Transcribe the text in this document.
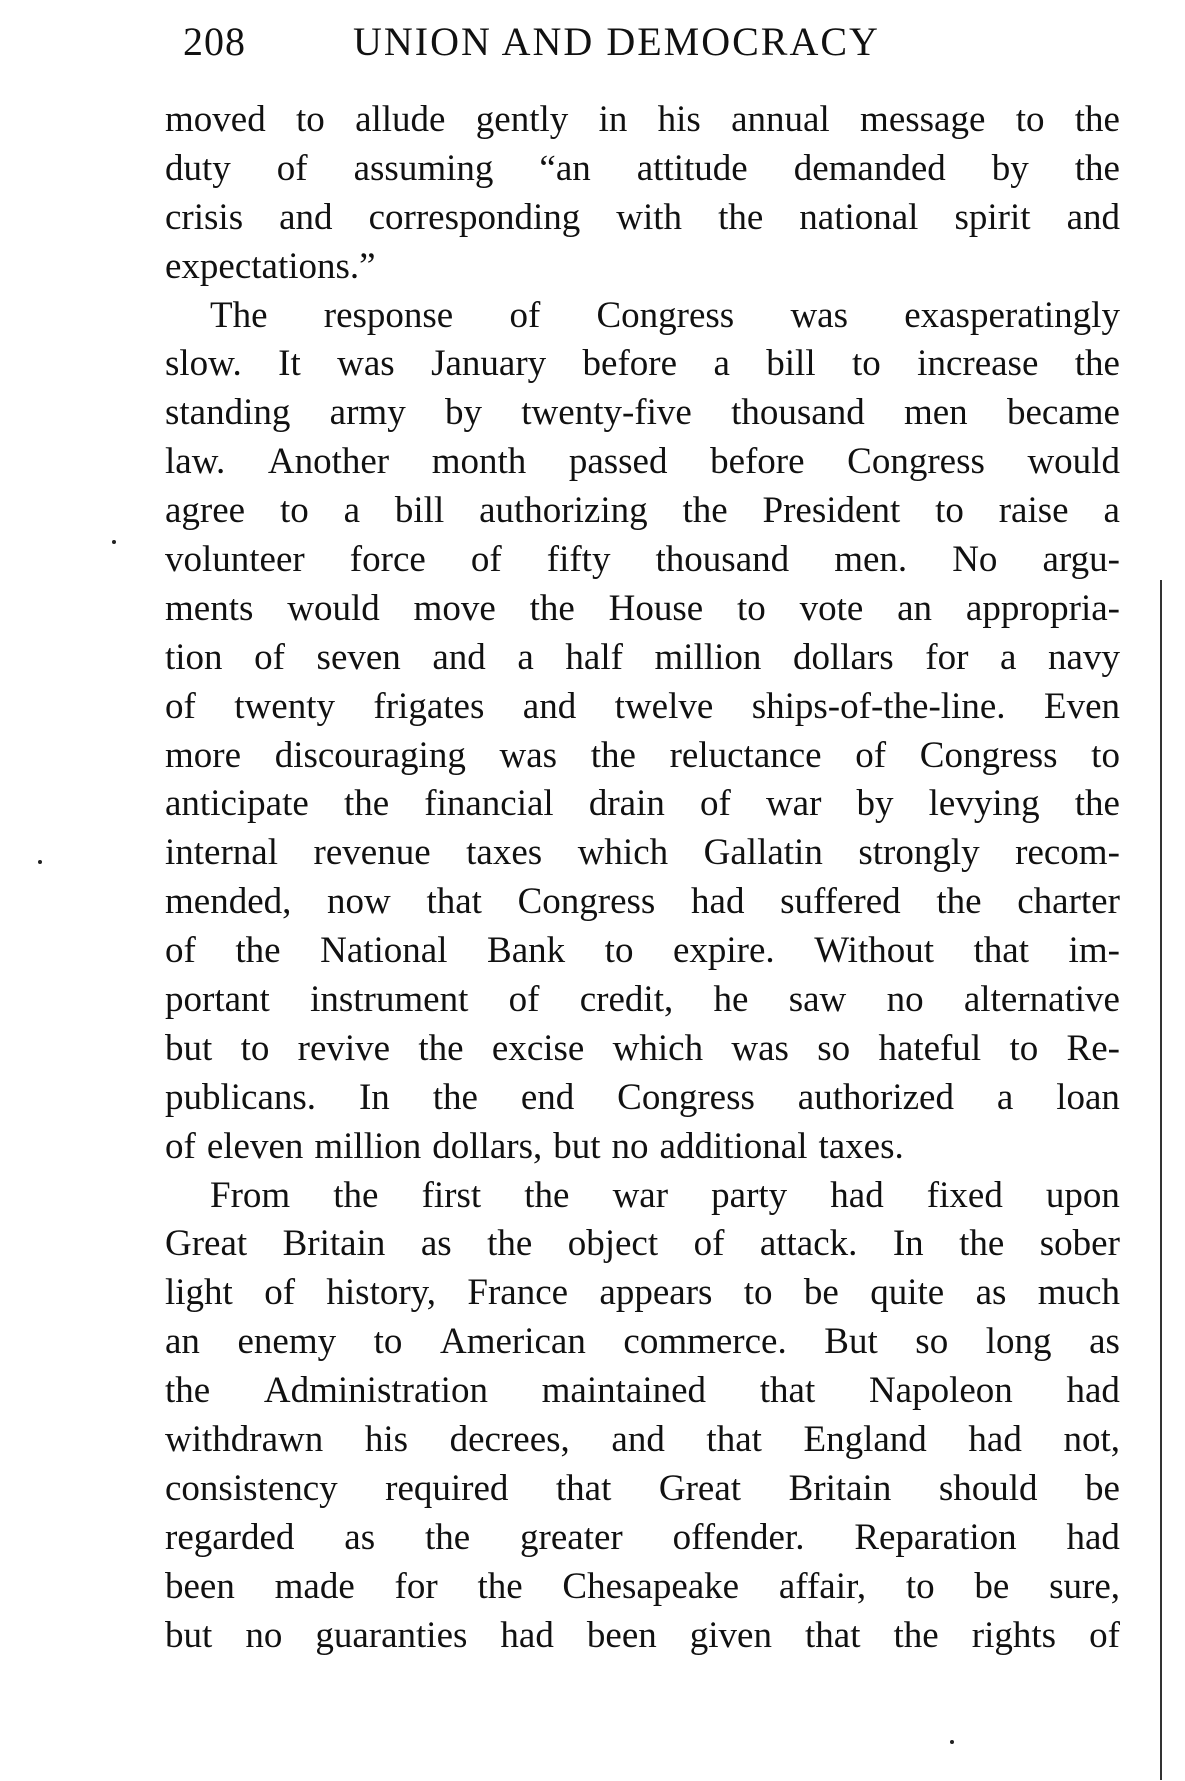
208	UNION AND DEMOCRACY
moved to allude gently in his annual message to the
duty of assuming “an attitude demanded by the
crisis and corresponding with the national spirit and
expectations.”
The response of Congress was exasperatingly
slow. It was January before a bill to increase the
standing army by twenty-five thousand men became
law. Another month passed before Congress would
agree to a bill authorizing the President to raise a
volunteer force of fifty thousand men. No argu-
ments would move the House to vote an appropria-
tion of seven and a half million dollars for a navy
of twenty frigates and twelve ships-of-the-line. Even
more discouraging was the reluctance of Congress to
anticipate the financial drain of war by levying the
internal revenue taxes which Gallatin strongly recom-
mended, now that Congress had suffered the charter
of the National Bank to expire. Without that im-
portant instrument of credit, he saw no alternative
but to revive the excise which was so hateful to Re-
publicans. In the end Congress authorized a loan
of eleven million dollars, but no additional taxes.
From the first the war party had fixed upon
Great Britain as the object of attack. In the sober
light of history, France appears to be quite as much
an enemy to American commerce. But so long as
the Administration maintained that Napoleon had
withdrawn his decrees, and that England had not,
consistency required that Great Britain should be
regarded as the greater offender. Reparation had
been made for the Chesapeake affair, to be sure,
but no guaranties had been given that the rights of
